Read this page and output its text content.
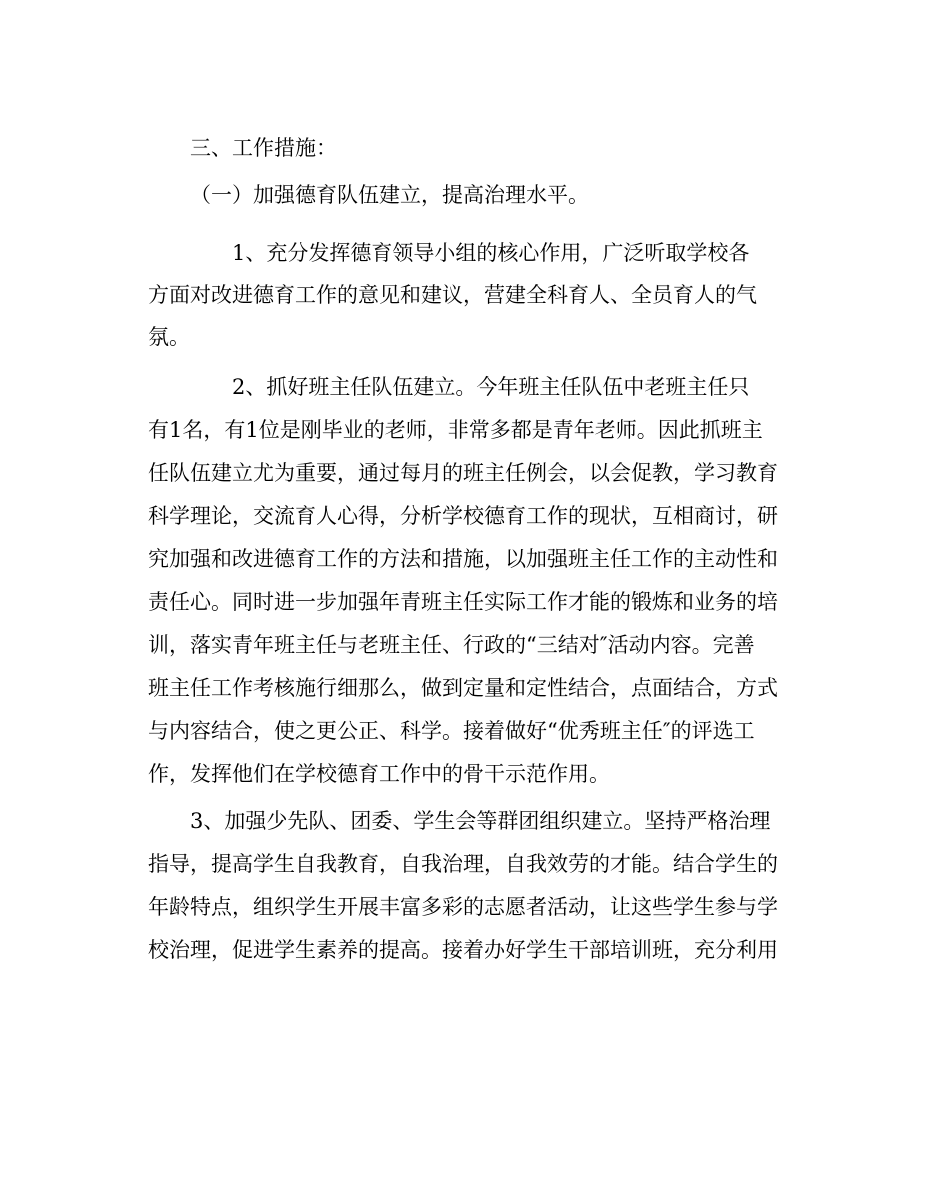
三、工作措施：
（一）加强德育队伍建立，提高治理水平。
1、充分发挥德育领导小组的核心作用，广泛听取学校各
方面对改进德育工作的意见和建议，营建全科育人、全员育人的气
氛。
2、抓好班主任队伍建立。今年班主任队伍中老班主任只
有1名，有1位是刚毕业的老师，非常多都是青年老师。因此抓班主
任队伍建立尤为重要，通过每月的班主任例会，以会促教，学习教育
科学理论，交流育人心得，分析学校德育工作的现状，互相商讨，研
究加强和改进德育工作的方法和措施，以加强班主任工作的主动性和
责任心。同时进一步加强年青班主任实际工作才能的锻炼和业务的培
训，落实青年班主任与老班主任、行政的“三结对″活动内容。完善
班主任工作考核施行细那么，做到定量和定性结合，点面结合，方式
与内容结合，使之更公正、科学。接着做好“优秀班主任″的评选工
作，发挥他们在学校德育工作中的骨干示范作用。
3、加强少先队、团委、学生会等群团组织建立。坚持严格治理
指导，提高学生自我教育，自我治理，自我效劳的才能。结合学生的
年龄特点，组织学生开展丰富多彩的志愿者活动，让这些学生参与学
校治理，促进学生素养的提高。接着办好学生干部培训班，充分利用
